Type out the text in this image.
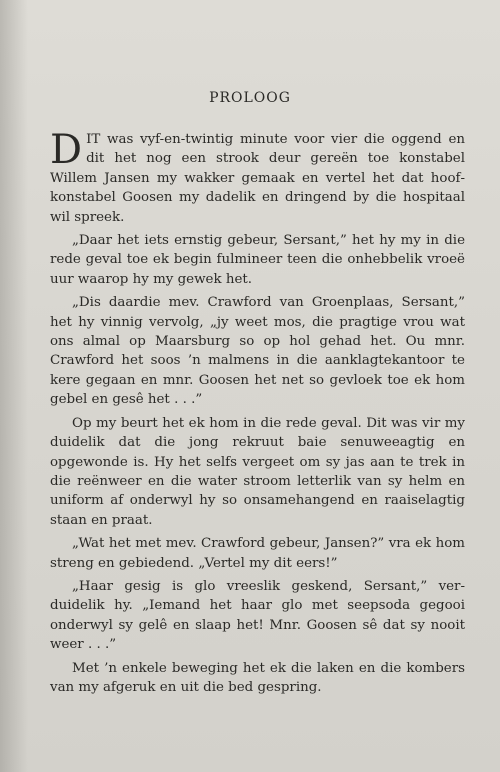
PROLOOG

DIT was vyf-en-twintig minute voor vier die oggend en dit het nog een strook deur gereën toe konstabel Willem Jansen my wakker gemaak en vertel het dat hoofkonstabel Goosen my dadelik en dringend by die hospitaal wil spreek.

„Daar het iets ernstig gebeur, Sersant,” het hy my in die rede geval toe ek begin fulmineer teen die onhebbelik vroeë uur waarop hy my gewek het.

„Dis daardie mev. Crawford van Groenplaas, Sersant,” het hy vinnig vervolg, „jy weet mos, die pragtige vrou wat ons almal op Maarsburg so op hol gehad het. Ou mnr. Crawford het soos ’n malmens in die aanklagtekantoor te kere gegaan en mnr. Goosen het net so gevloek toe ek hom gebel en gesê het . . .”

Op my beurt het ek hom in die rede geval. Dit was vir my duidelik dat die jong rekruut baie senuweeagtig en opgewonde is. Hy het selfs vergeet om sy jas aan te trek in die reënweer en die water stroom letterlik van sy helm en uniform af onderwyl hy so onsamehangend en raaiselagtig staan en praat.

„Wat het met mev. Crawford gebeur, Jansen?” vra ek hom streng en gebiedend. „Vertel my dit eers!”

„Haar gesig is glo vreeslik geskend, Sersant,” verduidelik hy. „Iemand het haar glo met seepsoda gegooi onderwyl sy gelê en slaap het! Mnr. Goosen sê dat sy nooit weer . . .”

Met ’n enkele beweging het ek die laken en die kombers van my afgeruk en uit die bed gespring.
